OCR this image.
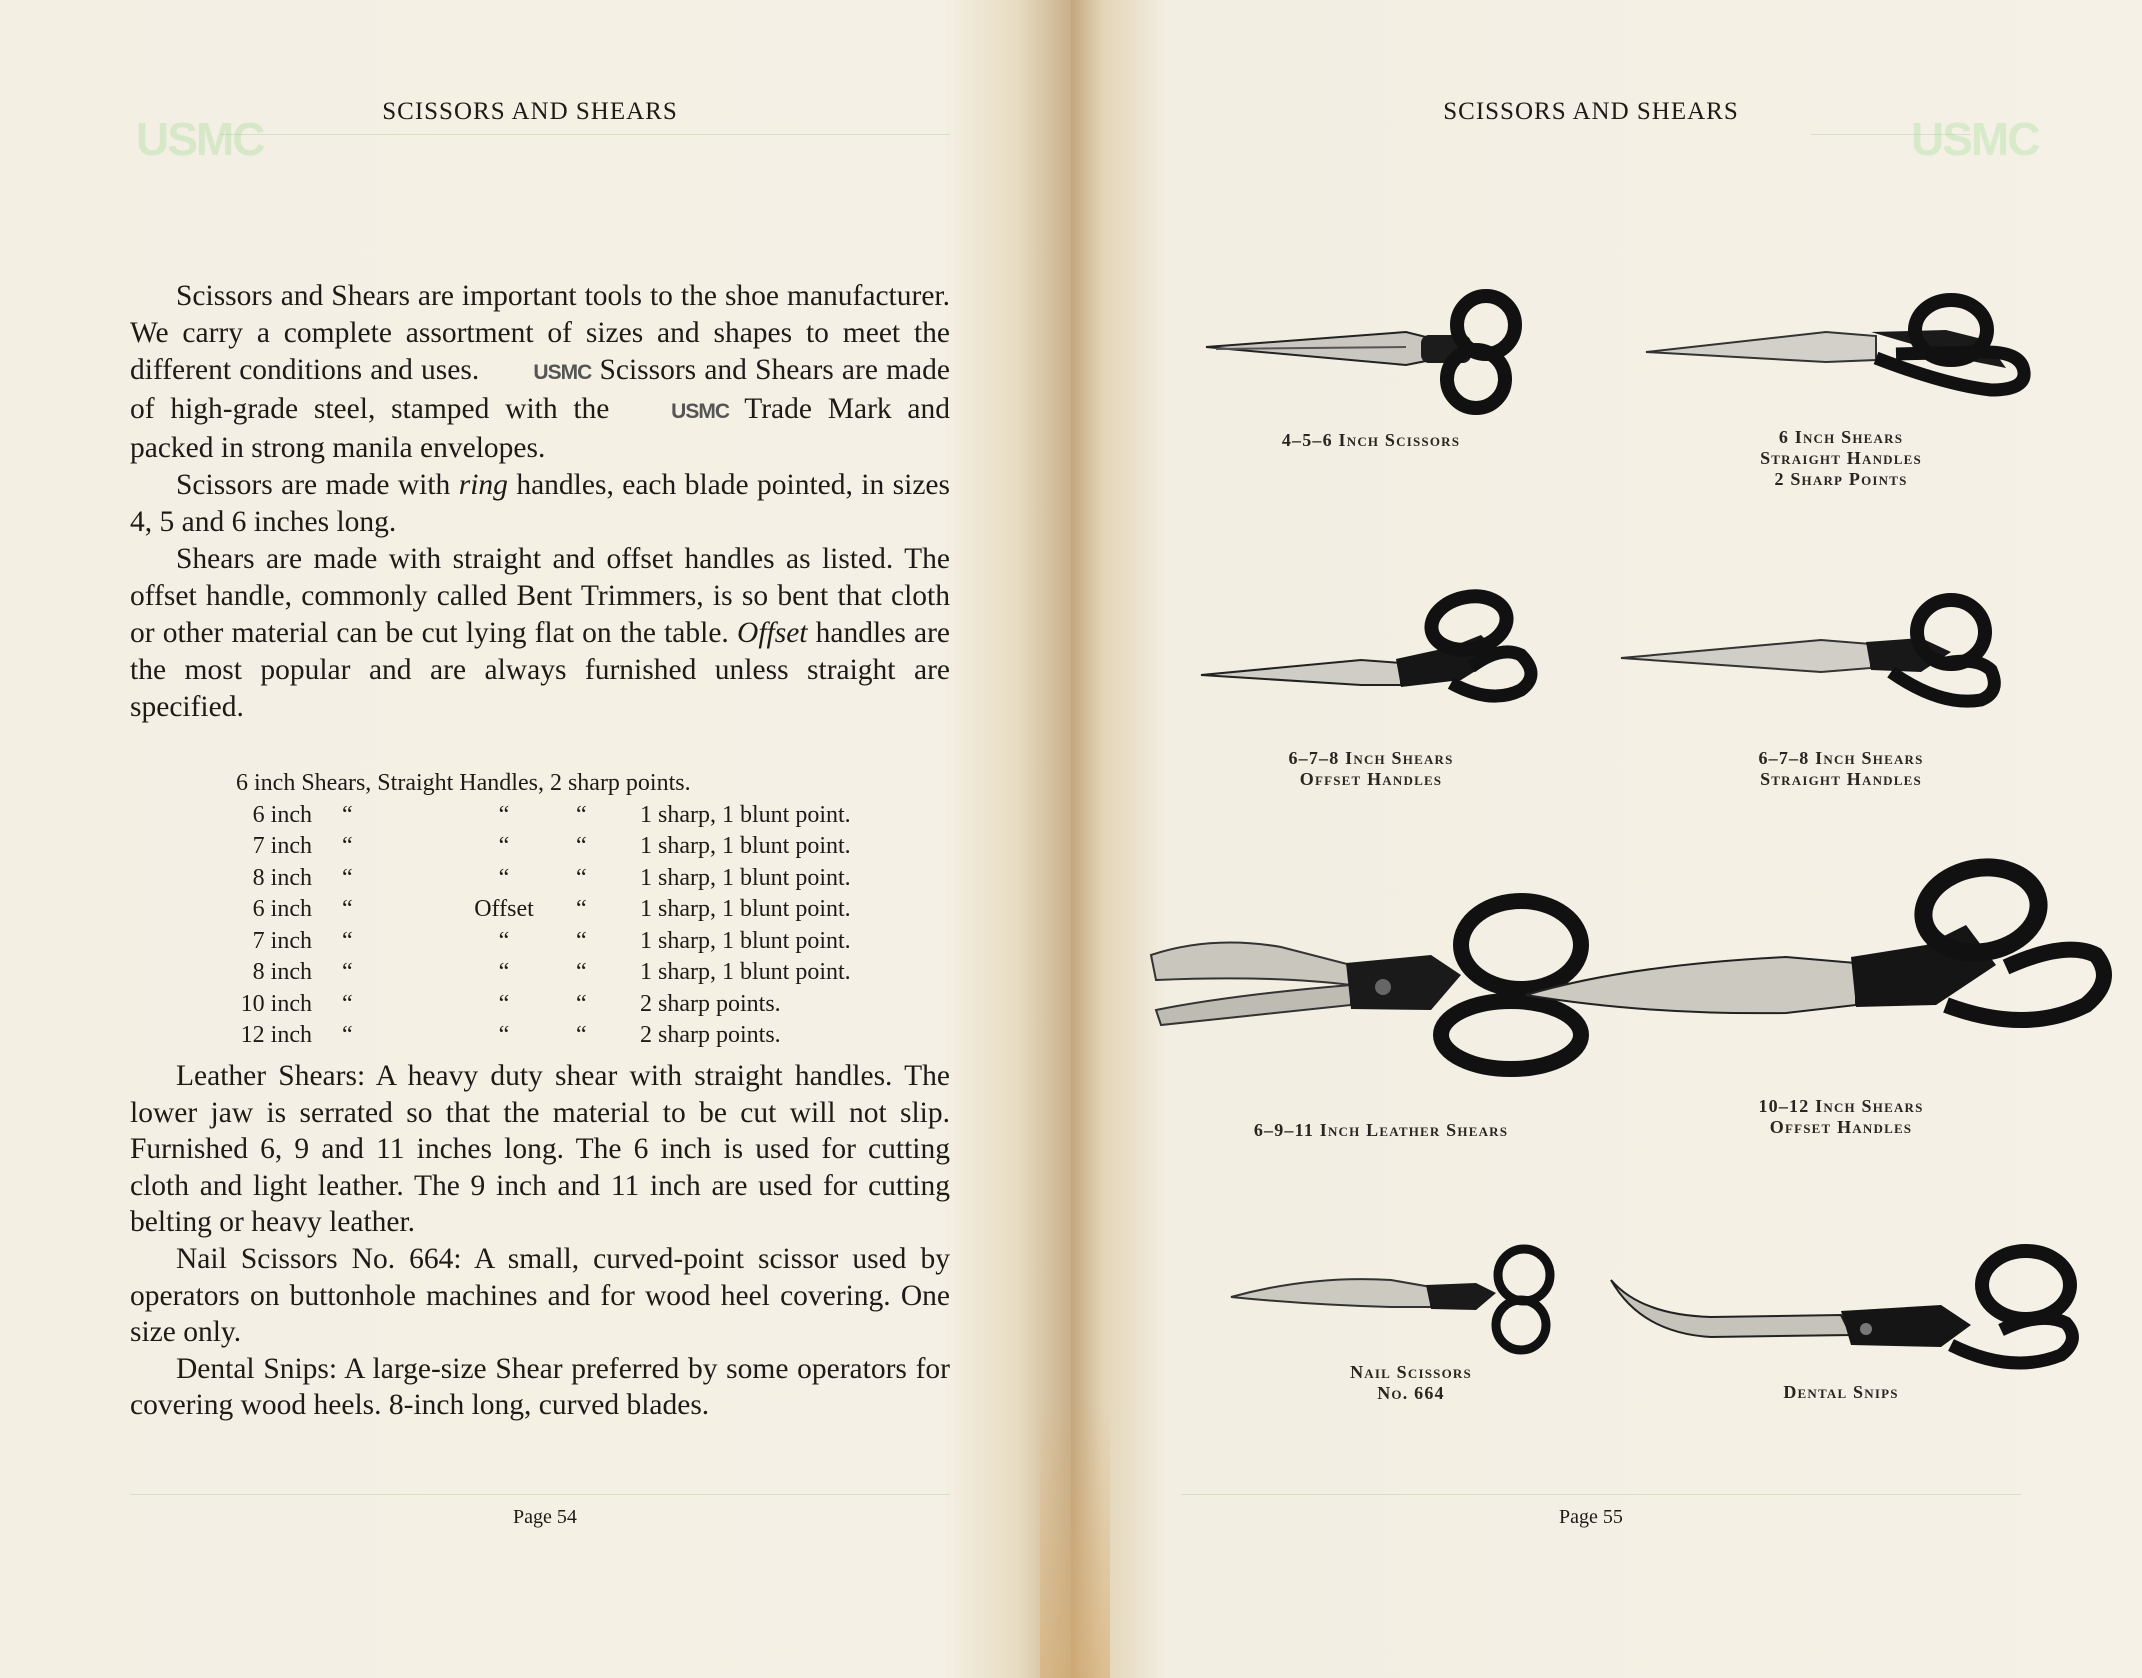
USMC
SCISSORS AND SHEARS

Scissors and Shears are important tools to the shoe manufacturer. We carry a complete assortment of sizes and shapes to meet the different conditions and uses. USMC Scissors and Shears are made of high-grade steel, stamped with the USMC Trade Mark and packed in strong manila envelopes.

Scissors are made with ring handles, each blade pointed, in sizes 4, 5 and 6 inches long.

Shears are made with straight and offset handles as listed. The offset handle, commonly called Bent Trimmers, is so bent that cloth or other material can be cut lying flat on the table. Offset handles are the most popular and are always furnished unless straight are specified.

6 inch Shears, Straight Handles, 2 sharp points.
6 inch	“	“	“	1 sharp, 1 blunt point.
7 inch	“	“	“	1 sharp, 1 blunt point.
8 inch	“	“	“	1 sharp, 1 blunt point.
6 inch	“	Offset	“	1 sharp, 1 blunt point.
7 inch	“	“	“	1 sharp, 1 blunt point.
8 inch	“	“	“	1 sharp, 1 blunt point.
10 inch	“	“	“	2 sharp points.
12 inch	“	“	“	2 sharp points.

Leather Shears: A heavy duty shear with straight handles. The lower jaw is serrated so that the material to be cut will not slip. Furnished 6, 9 and 11 inches long. The 6 inch is used for cutting cloth and light leather. The 9 inch and 11 inch are used for cutting belting or heavy leather.

Nail Scissors No. 664: A small, curved-point scissor used by operators on buttonhole machines and for wood heel covering. One size only.

Dental Snips: A large-size Shear preferred by some operators for covering wood heels. 8-inch long, curved blades.

Page 54
SCISSORS AND SHEARS
USMC
4–5–6 Inch Scissors	6 Inch Shears
Straight Handles
2 Sharp Points
6–7–8 Inch Shears
Offset Handles
6–7–8 Inch Shears
Straight Handles
6–9–11 Inch Leather Shears
10–12 Inch Shears
Offset Handles
Nail Scissors
No. 664	Dental Snips
Page 55
